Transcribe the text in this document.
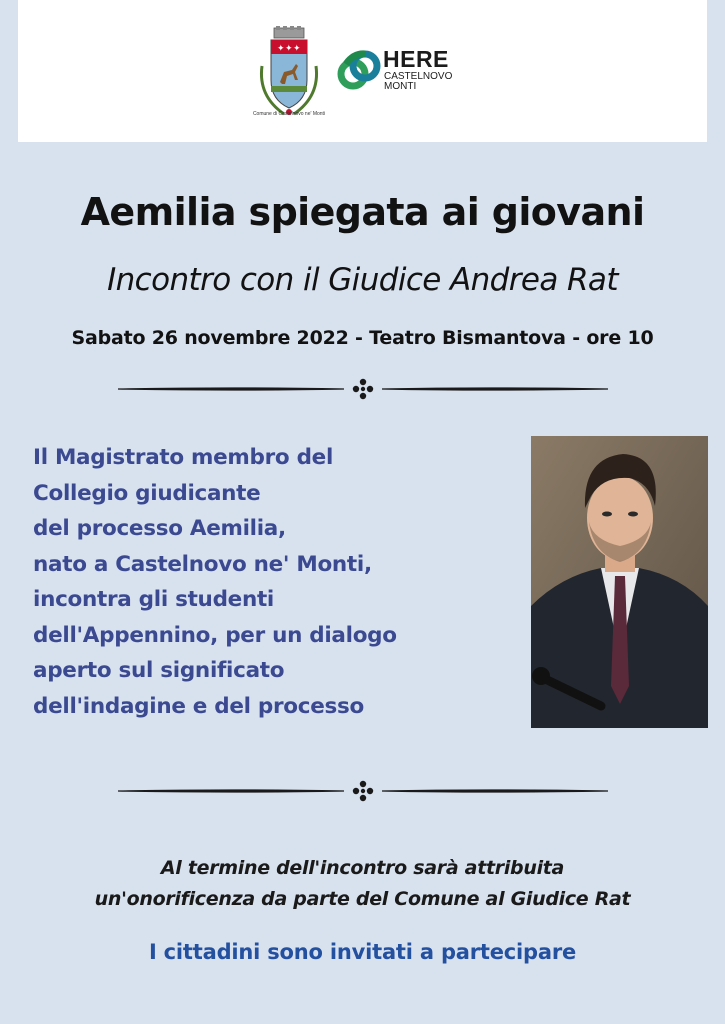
✦ ✦ ✦
Comune di Castelnovo ne' Monti
HERE
CASTELNOVO
MONTI
Aemilia spiegata ai giovani
Incontro con il Giudice Andrea Rat
Sabato 26 novembre 2022 - Teatro Bismantova - ore 10
Il Magistrato membro del
Collegio giudicante
del processo Aemilia,
nato a Castelnovo ne' Monti,
incontra gli studenti
dell'Appennino, per un dialogo
aperto sul significato
dell'indagine e del processo
Al termine dell'incontro sarà attribuita
un'onorificenza da parte del Comune al Giudice Rat
I cittadini sono invitati a partecipare
